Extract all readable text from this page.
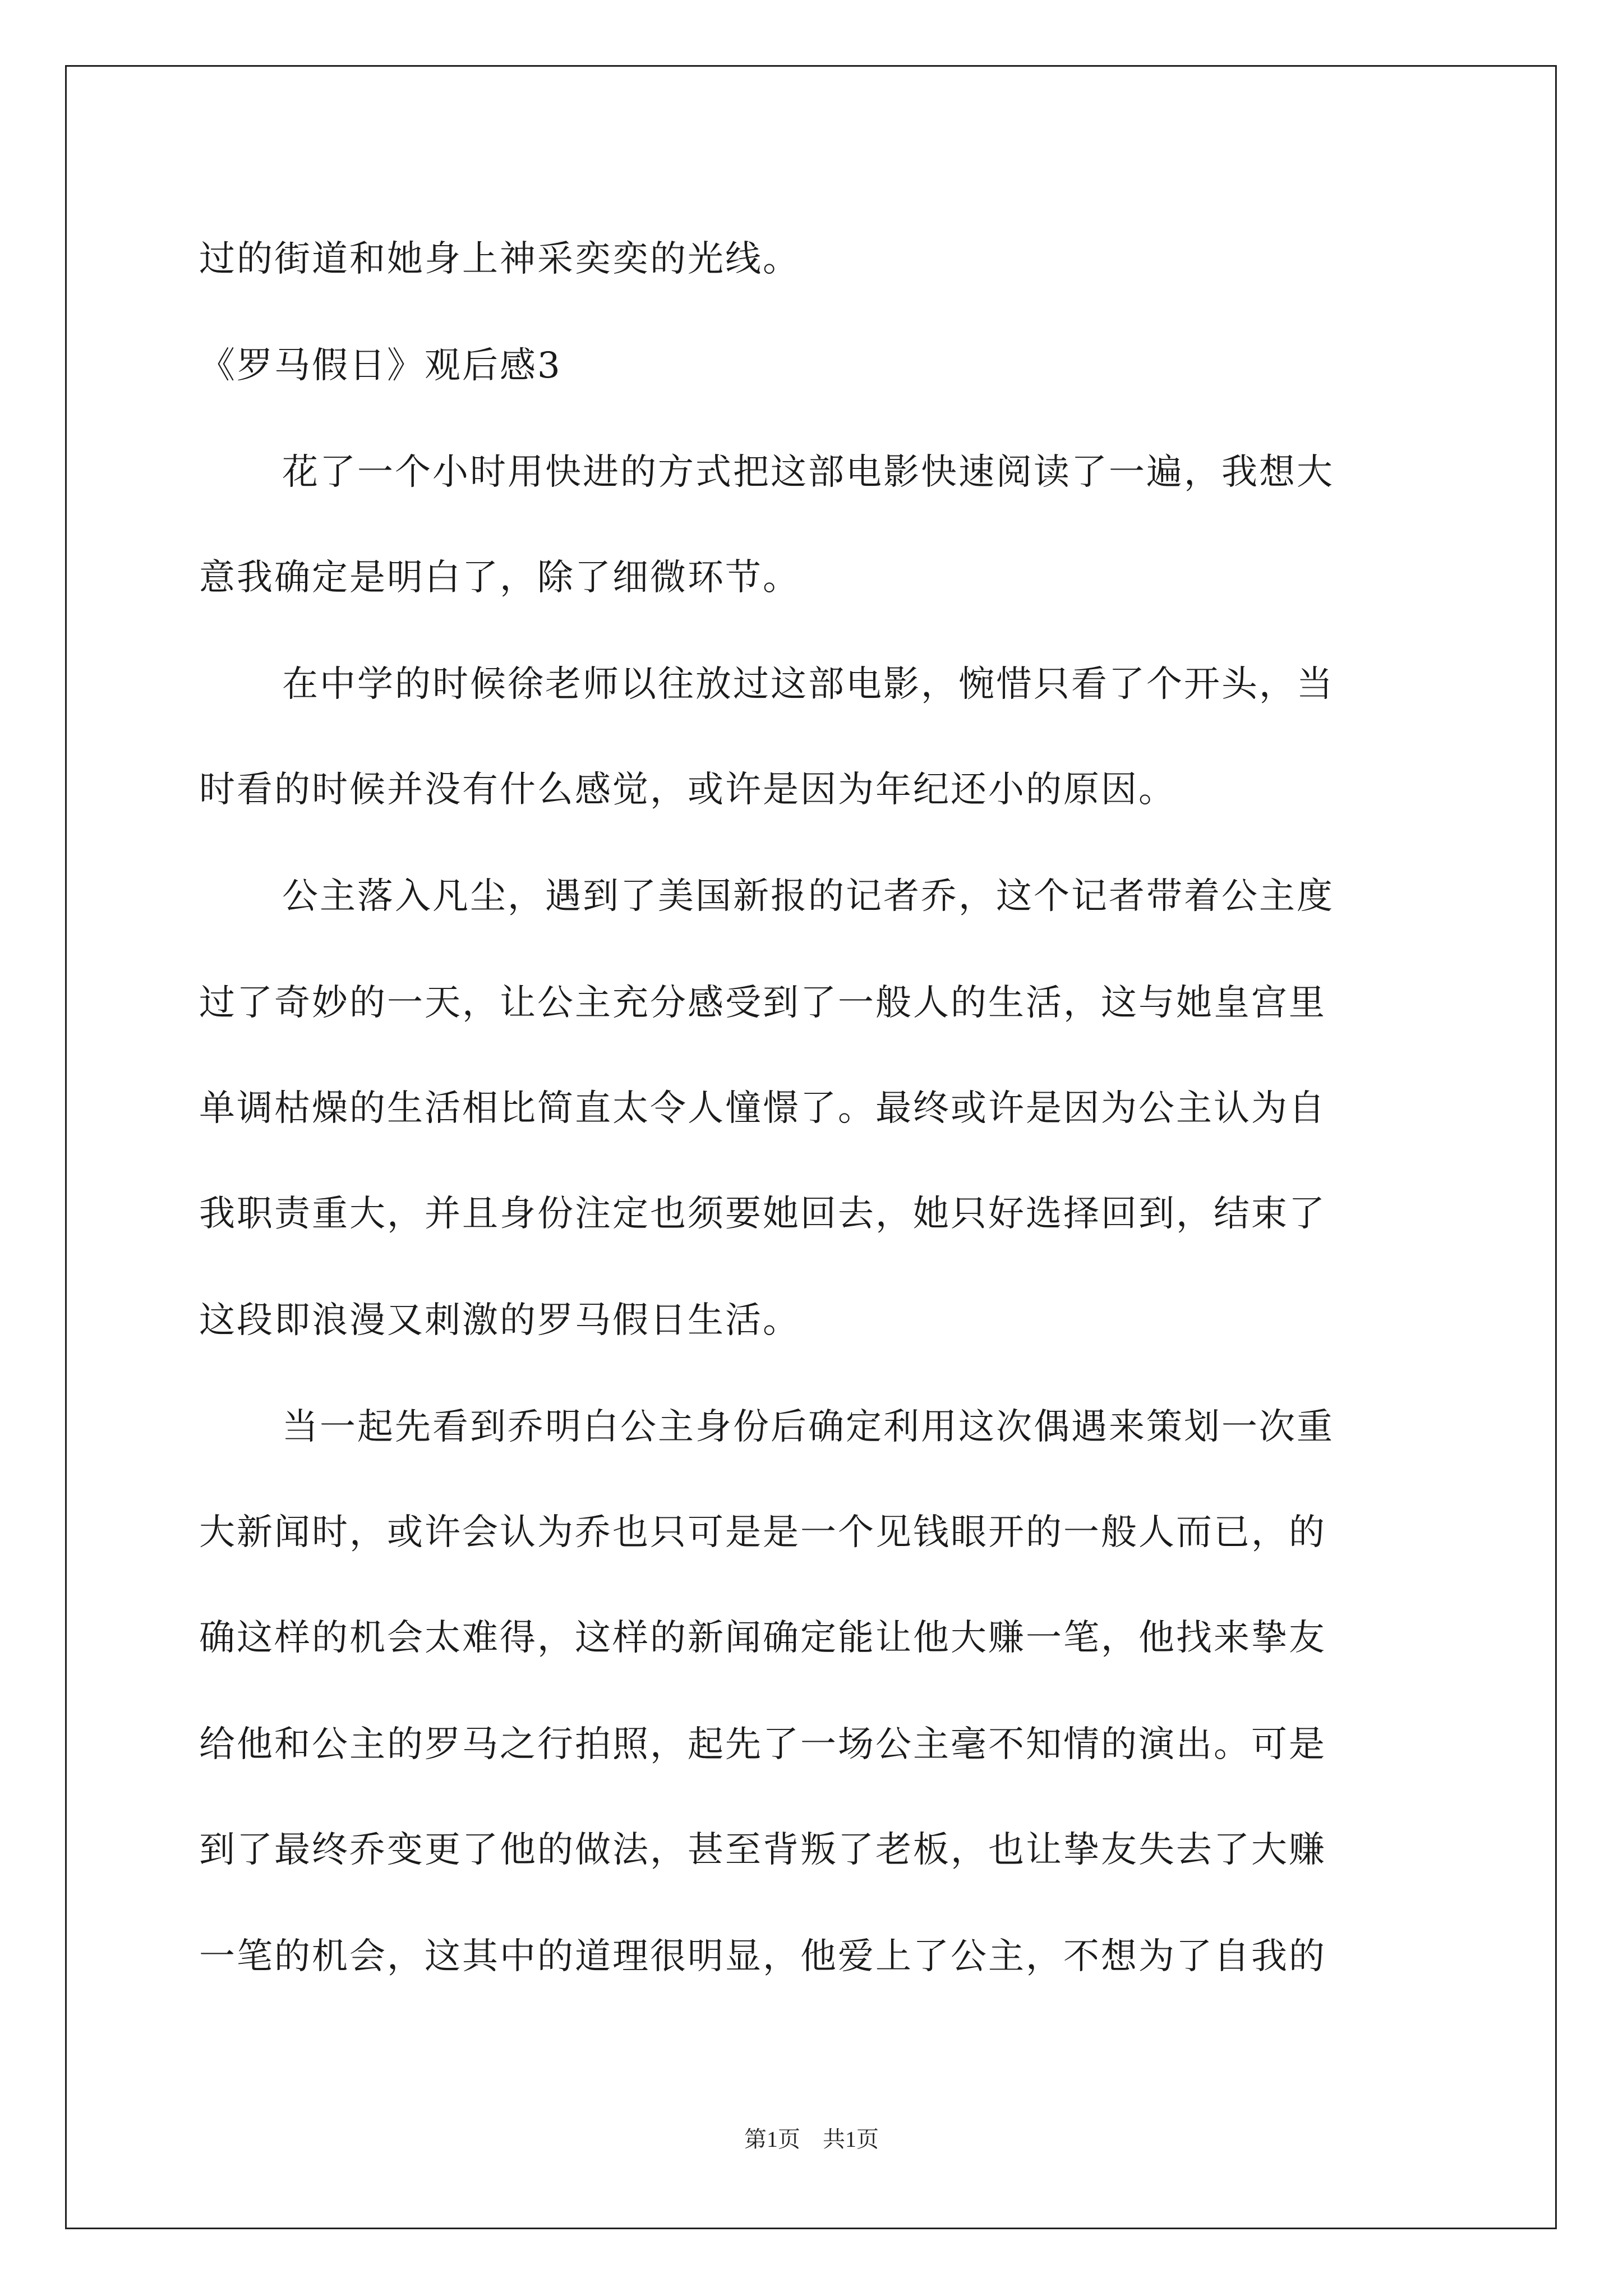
过的街道和她身上神采奕奕的光线。
《罗马假日》观后感3
花了一个小时用快进的方式把这部电影快速阅读了一遍，我想大
意我确定是明白了，除了细微环节。
在中学的时候徐老师以往放过这部电影，惋惜只看了个开头，当
时看的时候并没有什么感觉，或许是因为年纪还小的原因。
公主落入凡尘，遇到了美国新报的记者乔，这个记者带着公主度
过了奇妙的一天，让公主充分感受到了一般人的生活，这与她皇宫里
单调枯燥的生活相比简直太令人憧憬了。最终或许是因为公主认为自
我职责重大，并且身份注定也须要她回去，她只好选择回到，结束了
这段即浪漫又刺激的罗马假日生活。
当一起先看到乔明白公主身份后确定利用这次偶遇来策划一次重
大新闻时，或许会认为乔也只可是是一个见钱眼开的一般人而已，的
确这样的机会太难得，这样的新闻确定能让他大赚一笔，他找来挚友
给他和公主的罗马之行拍照，起先了一场公主毫不知情的演出。可是
到了最终乔变更了他的做法，甚至背叛了老板，也让挚友失去了大赚
一笔的机会，这其中的道理很明显，他爱上了公主，不想为了自我的
第1页　共1页
